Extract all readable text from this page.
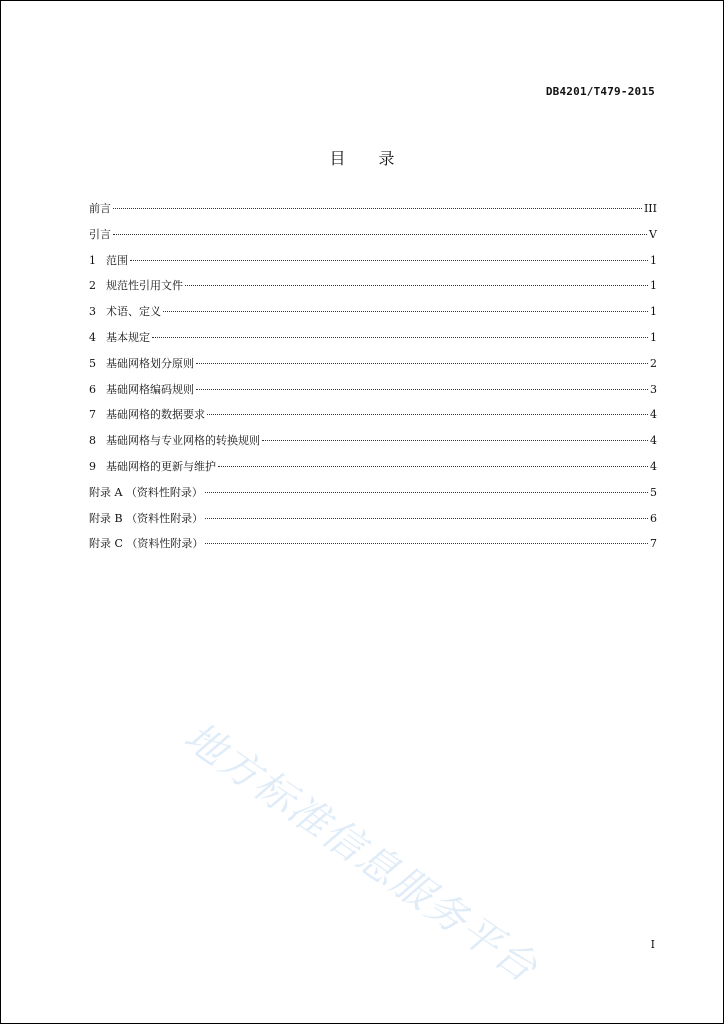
DB4201/T479-2015
目 录
前言	III
引言	V
1 范围	1
2 规范性引用文件	1
3 术语、定义	1
4 基本规定	1
5 基础网格划分原则	2
6 基础网格编码规则	3
7 基础网格的数据要求	4
8 基础网格与专业网格的转换规则	4
9 基础网格的更新与维护	4
附录 A （资料性附录）	5
附录 B （资料性附录）	6
附录 C （资料性附录）	7
地方标准信息服务平台	I
